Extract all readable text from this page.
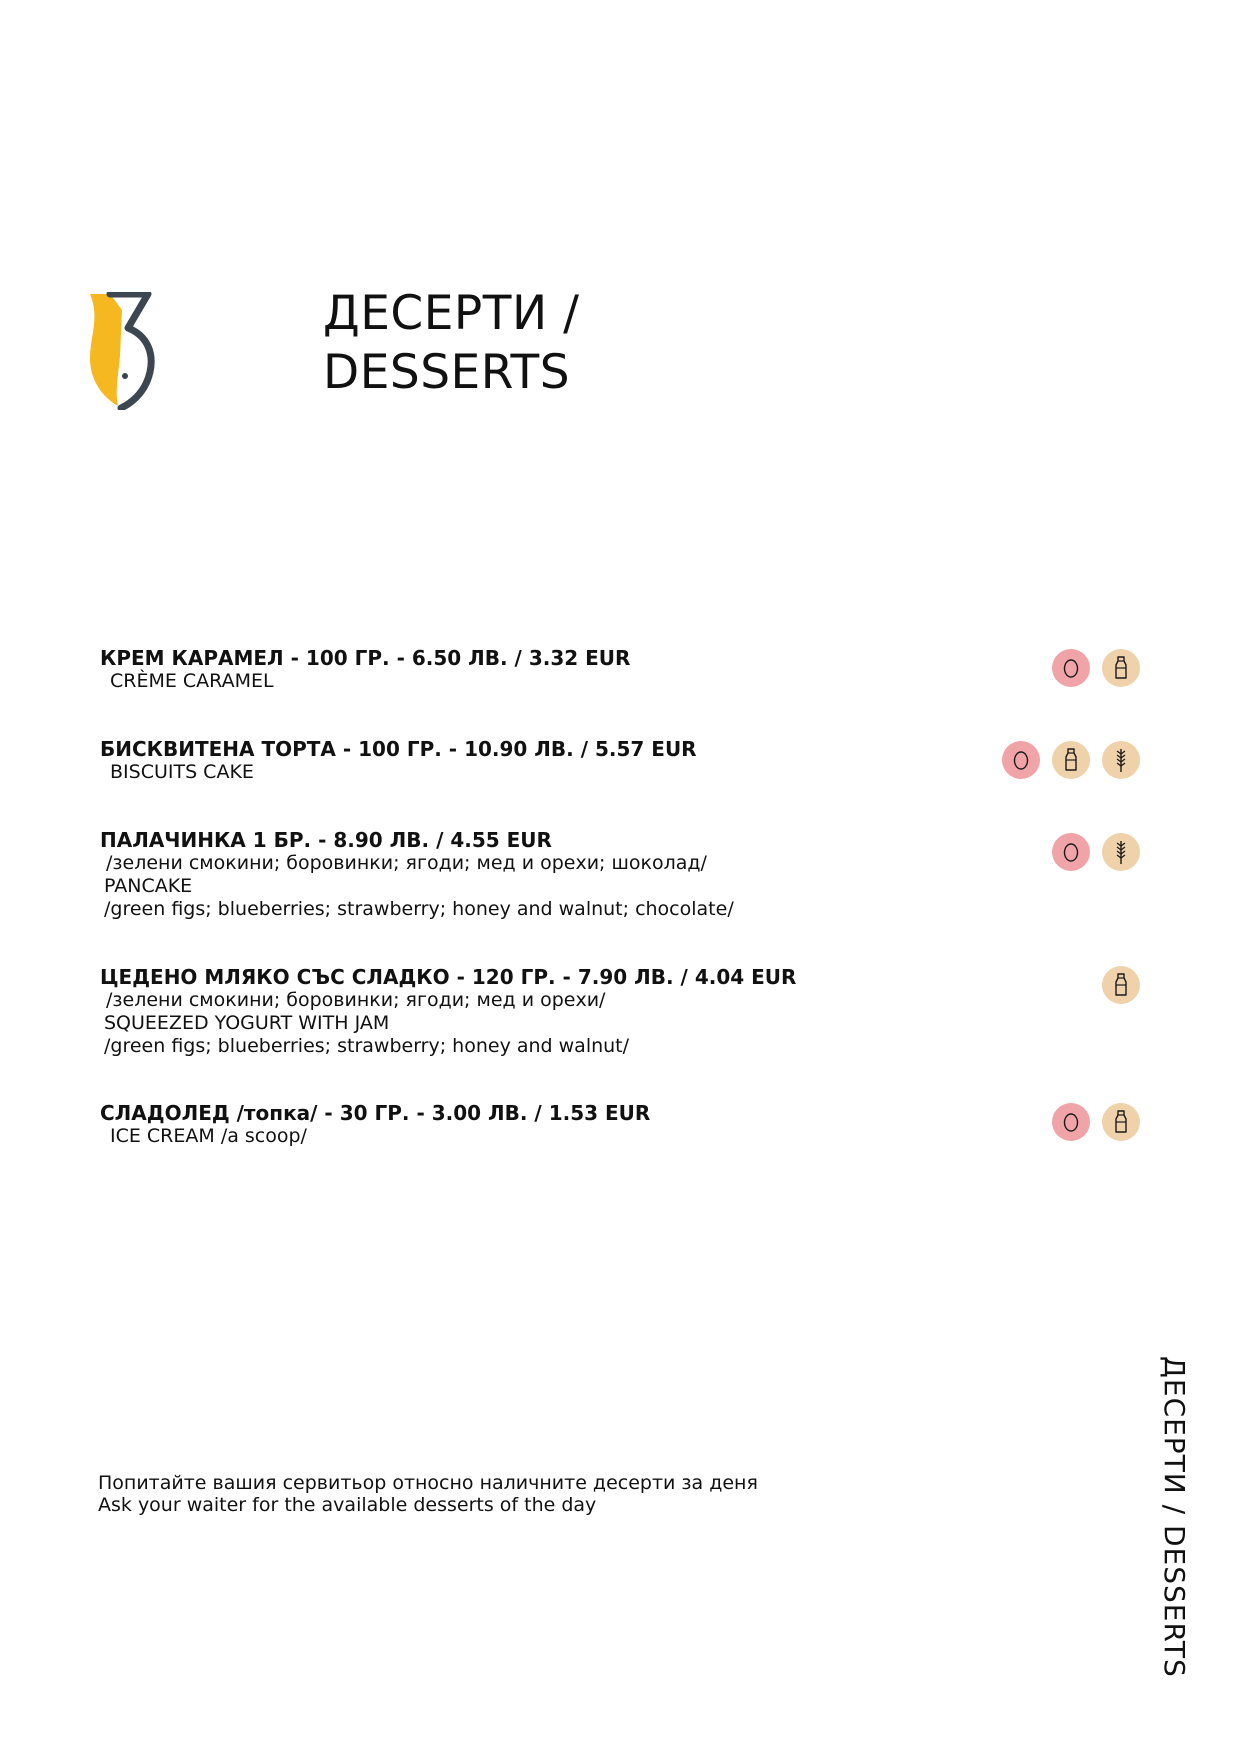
ДЕСЕРТИ /
DESSERTS
КРЕМ КАРАМЕЛ - 100 ГР. - 6.50 ЛВ. / 3.32 EUR
CRÈME CARAMEL
БИСКВИТЕНА ТОРТА - 100 ГР. - 10.90 ЛВ. / 5.57 EUR
BISCUITS CAKE
ПАЛАЧИНКА 1 БР. - 8.90 ЛВ. / 4.55 EUR
/зелени смокини; боровинки; ягоди; мед и орехи; шоколад/
PANCAKE
/green figs; blueberries; strawberry; honey and walnut; chocolate/
ЦЕДЕНО МЛЯКО СЪС СЛАДКО - 120 ГР. - 7.90 ЛВ. / 4.04 EUR
/зелени смокини; боровинки; ягоди; мед и орехи/
SQUEEZED YOGURT WITH JAM
/green figs; blueberries; strawberry; honey and walnut/
СЛАДОЛЕД /топка/ - 30 ГР. - 3.00 ЛВ. / 1.53 EUR
ICE CREAM /a scoop/
Попитайте вашия сервитьор относно наличните десерти за деня
Ask your waiter for the available desserts of the day	ДЕСЕРТИ / DESSERTS
